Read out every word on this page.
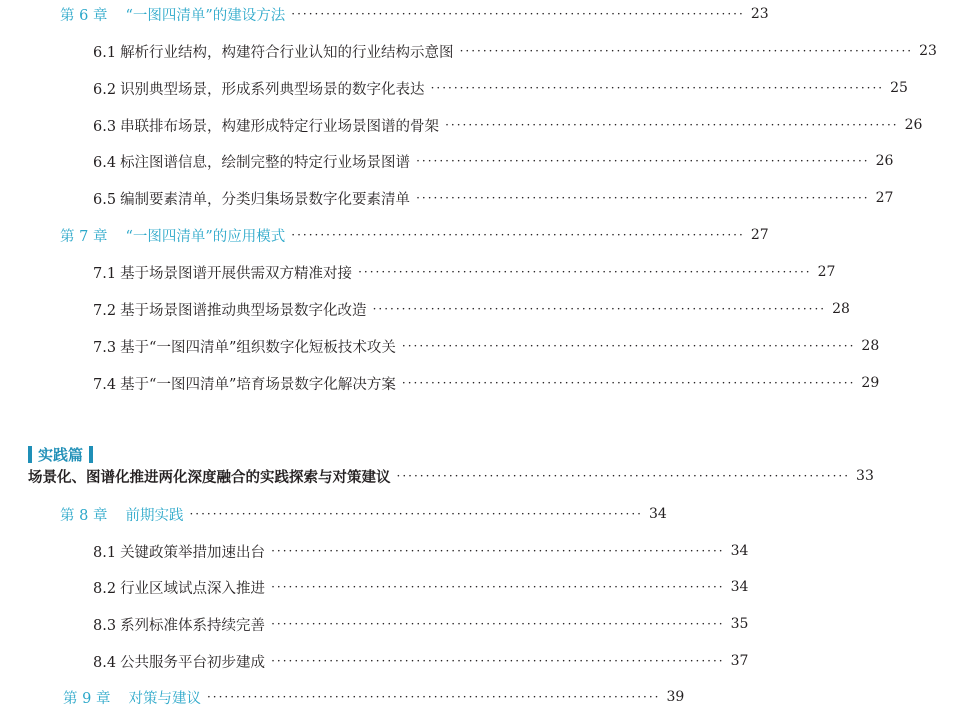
第 6 章 “一图四清单”的建设方法 ·············································································· 23
6.1 解析行业结构，构建符合行业认知的行业结构示意图 ·············································································· 23
6.2 识别典型场景，形成系列典型场景的数字化表达 ·············································································· 25
6.3 串联排布场景，构建形成特定行业场景图谱的骨架 ·············································································· 26
6.4 标注图谱信息，绘制完整的特定行业场景图谱 ·············································································· 26
6.5 编制要素清单，分类归集场景数字化要素清单 ·············································································· 27
第 7 章 “一图四清单”的应用模式 ·············································································· 27
7.1 基于场景图谱开展供需双方精准对接 ·············································································· 27
7.2 基于场景图谱推动典型场景数字化改造 ·············································································· 28
7.3 基于“一图四清单”组织数字化短板技术攻关 ·············································································· 28
7.4 基于“一图四清单”培育场景数字化解决方案 ·············································································· 29
实践篇
场景化、图谱化推进两化深度融合的实践探索与对策建议 ·············································································· 33
第 8 章 前期实践 ·············································································· 34
8.1 关键政策举措加速出台 ·············································································· 34
8.2 行业区域试点深入推进 ·············································································· 34
8.3 系列标准体系持续完善 ·············································································· 35
8.4 公共服务平台初步建成 ·············································································· 37
第 9 章 对策与建议 ·············································································· 39
